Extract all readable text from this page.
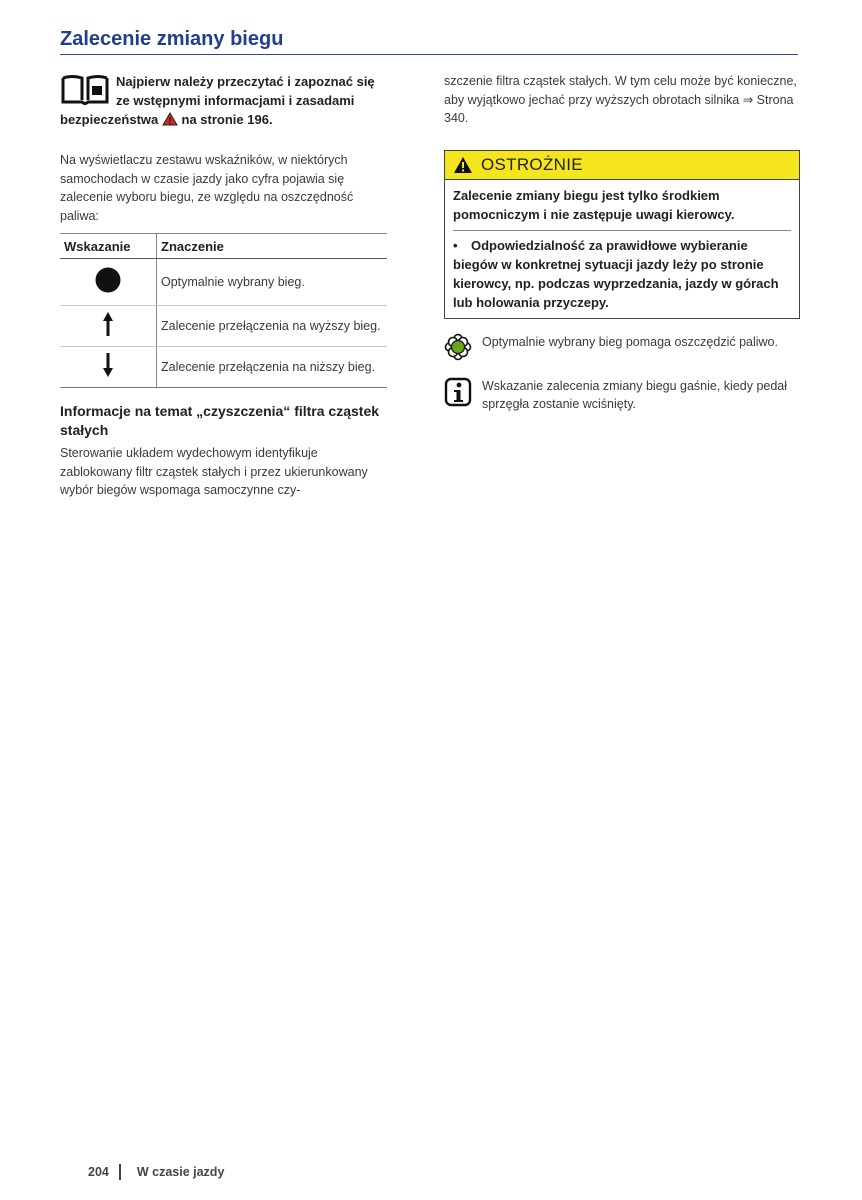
Zalecenie zmiany biegu
Najpierw należy przeczytać i zapoznać się ze wstępnymi informacjami i zasadami bezpieczeństwa na stronie 196.

Na wyświetlaczu zestawu wskaźników, w niektórych samochodach w czasie jazdy jako cyfra pojawia się zalecenie wyboru biegu, ze względu na oszczędność paliwa:

Wskazanie	Znaczenie
	Optymalnie wybrany bieg.
	Zalecenie przełączenia na wyższy bieg.
	Zalecenie przełączenia na niższy bieg.
Informacje na temat „czyszczenia“ filtra cząstek stałych

Sterowanie układem wydechowym identyfikuje zablokowany filtr cząstek stałych i przez ukierunkowany wybór biegów wspomaga samoczynne czy-

szczenie filtra cząstek stałych. W tym celu może być konieczne, aby wyjątkowo jechać przy wyższych obrotach silnika ⇒ Strona 340.

OSTROŻNIE

Zalecenie zmiany biegu jest tylko środkiem pomocniczym i nie zastępuje uwagi kierowcy.

• Odpowiedzialność za prawidłowe wybieranie biegów w konkretnej sytuacji jazdy leży po stronie kierowcy, np. podczas wyprzedzania, jazdy w górach lub holowania przyczepy.

Optymalnie wybrany bieg pomaga oszczędzić paliwo.

Wskazanie zalecenia zmiany biegu gaśnie, kiedy pedał sprzęgła zostanie wciśnięty.

204 W czasie jazdy
